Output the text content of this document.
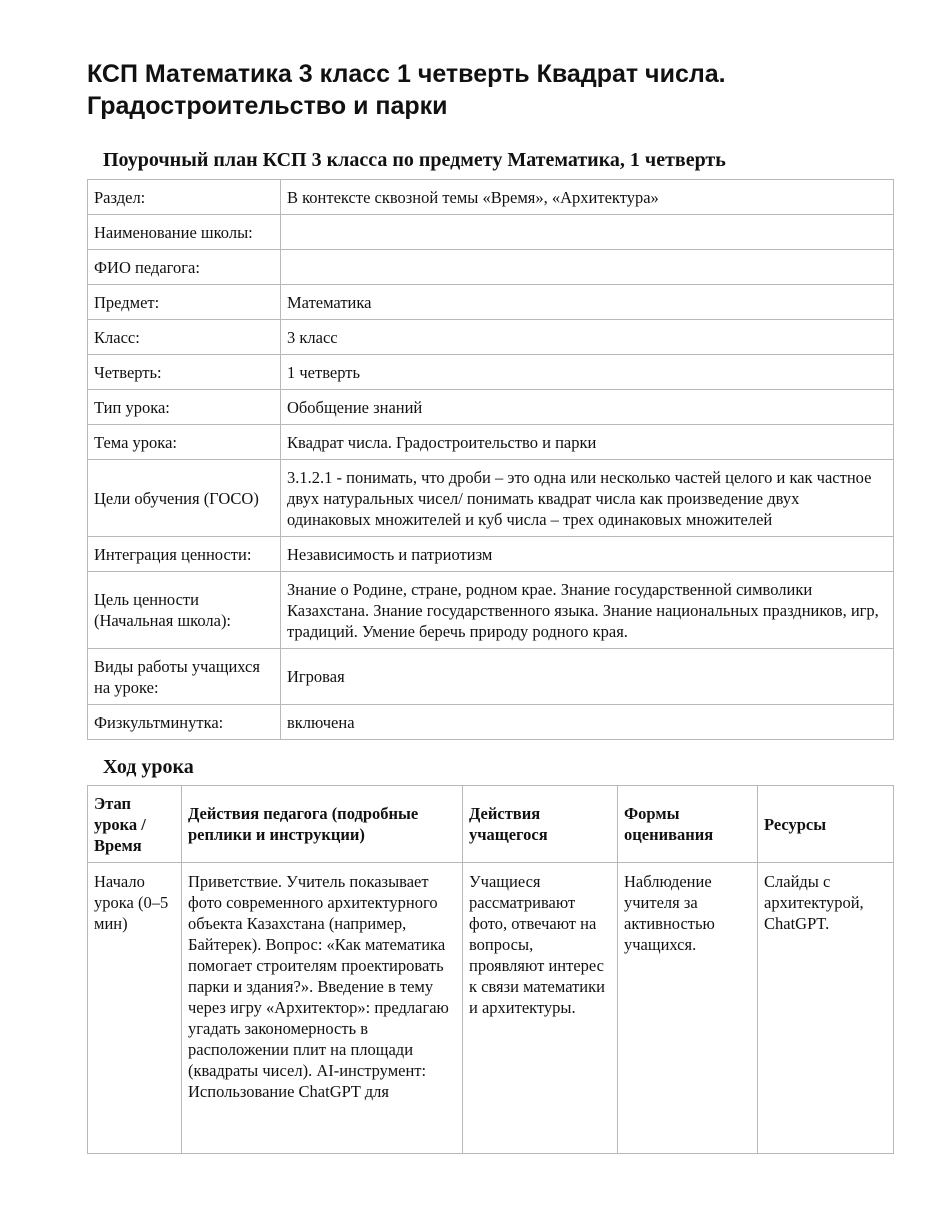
КСП Математика 3 класс 1 четверть Квадрат числа. Градостроительство и парки
Поурочный план КСП 3 класса по предмету Математика, 1 четверть
Раздел:	В контексте сквозной темы «Время», «Архитектура»
Наименование школы:	
ФИО педагога:	
Предмет:	Математика
Класс:	3 класс
Четверть:	1 четверть
Тип урока:	Обобщение знаний
Тема урока:	Квадрат числа. Градостроительство и парки
Цели обучения (ГОСО)	3.1.2.1 - понимать, что дроби – это одна или несколько частей целого и как частное двух натуральных чисел/ понимать квадрат числа как произведение двух одинаковых множителей и куб числа – трех одинаковых множителей
Интеграция ценности:	Независимость и патриотизм
Цель ценности (Начальная школа):	Знание о Родине, стране, родном крае. Знание государственной символики Казахстана. Знание государственного языка. Знание национальных праздников, игр, традиций. Умение беречь природу родного края.
Виды работы учащихся на уроке:	Игровая
Физкультминутка:	включена
Ход урока
Этап урока / Время	Действия педагога (подробные реплики и инструкции)	Действия учащегося	Формы оценивания	Ресурсы
Начало урока (0–5 мин)	Приветствие. Учитель показывает фото современного архитектурного объекта Казахстана (например, Байтерек). Вопрос: «Как математика помогает строителям проектировать парки и здания?». Введение в тему через игру «Архитектор»: предлагаю угадать закономерность в расположении плит на площади (квадраты чисел). AI-инструмент: Использование ChatGPT для	Учащиеся рассматривают фото, отвечают на вопросы, проявляют интерес к связи математики и архитектуры.	Наблюдение учителя за активностью учащихся.	Слайды с архитектурой, ChatGPT.
